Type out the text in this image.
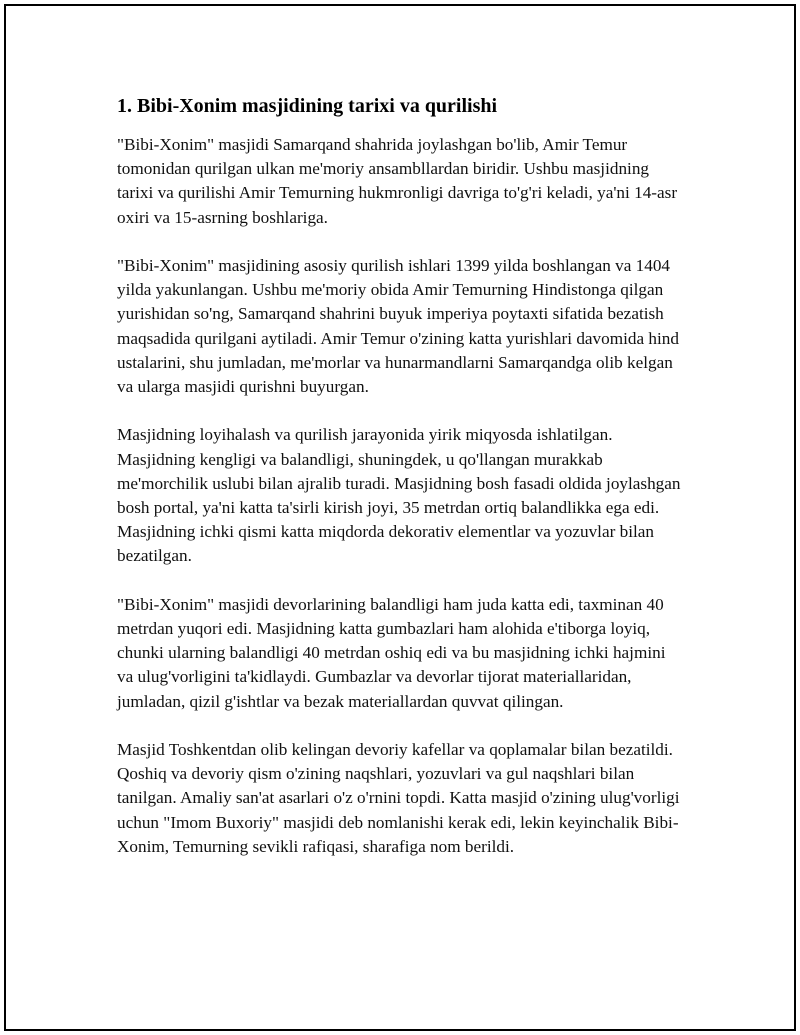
1. Bibi-Xonim masjidining tarixi va qurilishi

"Bibi-Xonim" masjidi Samarqand shahrida joylashgan bo'lib, Amir Temur tomonidan qurilgan ulkan me'moriy ansambllardan biridir. Ushbu masjidning tarixi va qurilishi Amir Temurning hukmronligi davriga to'g'ri keladi, ya'ni 14-asr oxiri va 15-asrning boshlariga.

"Bibi-Xonim" masjidining asosiy qurilish ishlari 1399 yilda boshlangan va 1404 yilda yakunlangan. Ushbu me'moriy obida Amir Temurning Hindistonga qilgan yurishidan so'ng, Samarqand shahrini buyuk imperiya poytaxti sifatida bezatish maqsadida qurilgani aytiladi. Amir Temur o'zining katta yurishlari davomida hind ustalarini, shu jumladan, me'morlar va hunarmandlarni Samarqandga olib kelgan va ularga masjidi qurishni buyurgan.

Masjidning loyihalash va qurilish jarayonida yirik miqyosda ishlatilgan. Masjidning kengligi va balandligi, shuningdek, u qo'llangan murakkab me'morchilik uslubi bilan ajralib turadi. Masjidning bosh fasadi oldida joylashgan bosh portal, ya'ni katta ta'sirli kirish joyi, 35 metrdan ortiq balandlikka ega edi. Masjidning ichki qismi katta miqdorda dekorativ elementlar va yozuvlar bilan bezatilgan.

"Bibi-Xonim" masjidi devorlarining balandligi ham juda katta edi, taxminan 40 metrdan yuqori edi. Masjidning katta gumbazlari ham alohida e'tiborga loyiq, chunki ularning balandligi 40 metrdan oshiq edi va bu masjidning ichki hajmini va ulug'vorligini ta'kidlaydi. Gumbazlar va devorlar tijorat materiallaridan, jumladan, qizil g'ishtlar va bezak materiallardan quvvat qilingan.

Masjid Toshkentdan olib kelingan devoriy kafellar va qoplamalar bilan bezatildi. Qoshiq va devoriy qism o'zining naqshlari, yozuvlari va gul naqshlari bilan tanilgan. Amaliy san'at asarlari o'z o'rnini topdi. Katta masjid o'zining ulug'vorligi uchun "Imom Buxoriy" masjidi deb nomlanishi kerak edi, lekin keyinchalik Bibi-Xonim, Temurning sevikli rafiqasi, sharafiga nom berildi.
